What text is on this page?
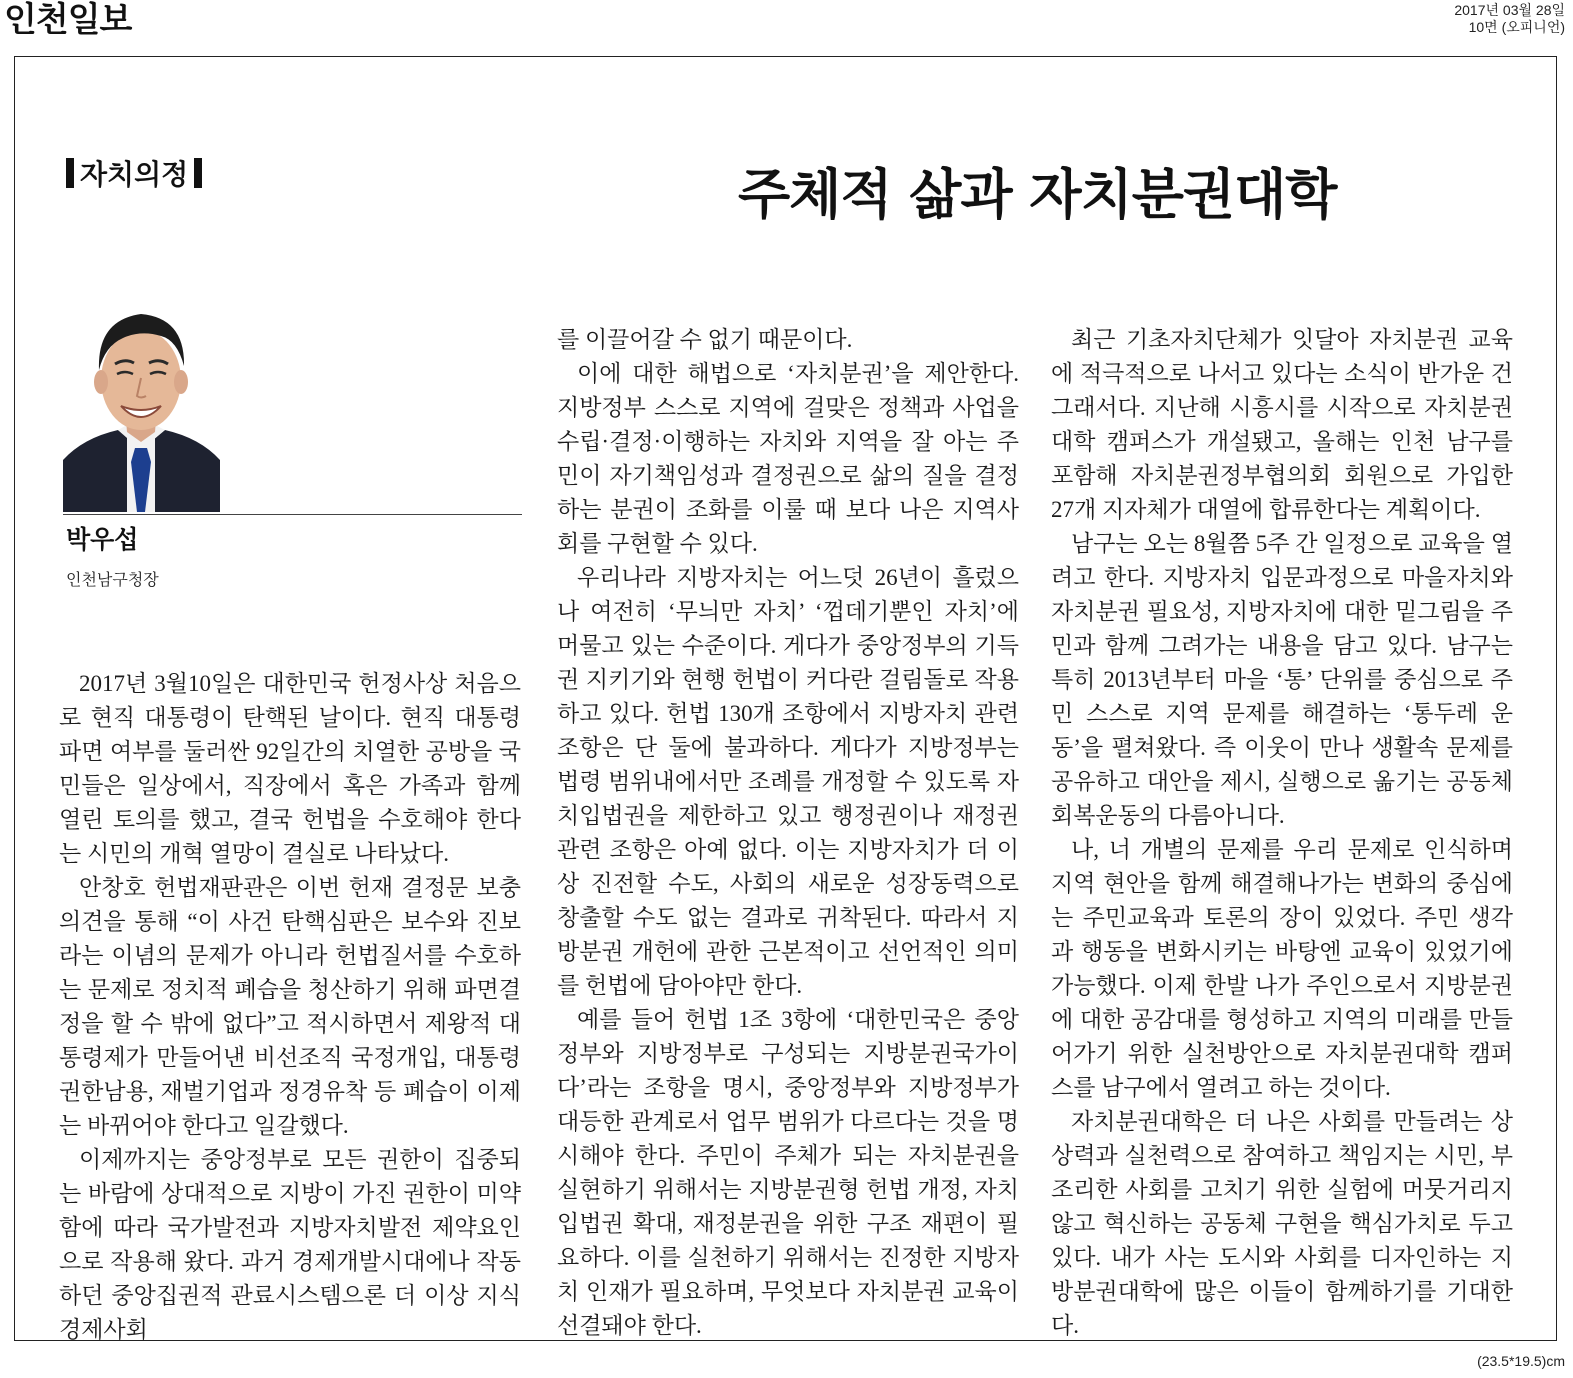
인천일보	2017년 03월 28일
10면 (오피니언)
자치의정	주체적 삶과 자치분권대학
박우섭
인천남구청장

2017년 3월10일은 대한민국 헌정사상 처음으로 현직 대통령이 탄핵된 날이다. 현직 대통령 파면 여부를 둘러싼 92일간의 치열한 공방을 국민들은 일상에서, 직장에서 혹은 가족과 함께 열린 토의를 했고, 결국 헌법을 수호해야 한다는 시민의 개혁 열망이 결실로 나타났다.

안창호 헌법재판관은 이번 헌재 결정문 보충의견을 통해 “이 사건 탄핵심판은 보수와 진보라는 이념의 문제가 아니라 헌법질서를 수호하는 문제로 정치적 폐습을 청산하기 위해 파면결정을 할 수 밖에 없다”고 적시하면서 제왕적 대통령제가 만들어낸 비선조직 국정개입, 대통령 권한남용, 재벌기업과 정경유착 등 폐습이 이제는 바뀌어야 한다고 일갈했다.

이제까지는 중앙정부로 모든 권한이 집중되는 바람에 상대적으로 지방이 가진 권한이 미약함에 따라 국가발전과 지방자치발전 제약요인으로 작용해 왔다. 과거 경제개발시대에나 작동하던 중앙집권적 관료시스템으론 더 이상 지식경제사회

를 이끌어갈 수 없기 때문이다.

이에 대한 해법으로 ‘자치분권’을 제안한다. 지방정부 스스로 지역에 걸맞은 정책과 사업을 수립·결정·이행하는 자치와 지역을 잘 아는 주민이 자기책임성과 결정권으로 삶의 질을 결정하는 분권이 조화를 이룰 때 보다 나은 지역사회를 구현할 수 있다.

우리나라 지방자치는 어느덧 26년이 흘렀으나 여전히 ‘무늬만 자치’ ‘껍데기뿐인 자치’에 머물고 있는 수준이다. 게다가 중앙정부의 기득권 지키기와 현행 헌법이 커다란 걸림돌로 작용하고 있다. 헌법 130개 조항에서 지방자치 관련 조항은 단 둘에 불과하다. 게다가 지방정부는 법령 범위내에서만 조례를 개정할 수 있도록 자치입법권을 제한하고 있고 행정권이나 재정권 관련 조항은 아예 없다. 이는 지방자치가 더 이상 진전할 수도, 사회의 새로운 성장동력으로 창출할 수도 없는 결과로 귀착된다. 따라서 지방분권 개헌에 관한 근본적이고 선언적인 의미를 헌법에 담아야만 한다.

예를 들어 헌법 1조 3항에 ‘대한민국은 중앙정부와 지방정부로 구성되는 지방분권국가이다’라는 조항을 명시, 중앙정부와 지방정부가 대등한 관계로서 업무 범위가 다르다는 것을 명시해야 한다. 주민이 주체가 되는 자치분권을 실현하기 위해서는 지방분권형 헌법 개정, 자치입법권 확대, 재정분권을 위한 구조 재편이 필요하다. 이를 실천하기 위해서는 진정한 지방자치 인재가 필요하며, 무엇보다 자치분권 교육이 선결돼야 한다.

최근 기초자치단체가 잇달아 자치분권 교육에 적극적으로 나서고 있다는 소식이 반가운 건 그래서다. 지난해 시흥시를 시작으로 자치분권대학 캠퍼스가 개설됐고, 올해는 인천 남구를 포함해 자치분권정부협의회 회원으로 가입한 27개 지자체가 대열에 합류한다는 계획이다.

남구는 오는 8월쯤 5주 간 일정으로 교육을 열려고 한다. 지방자치 입문과정으로 마을자치와 자치분권 필요성, 지방자치에 대한 밑그림을 주민과 함께 그려가는 내용을 담고 있다. 남구는 특히 2013년부터 마을 ‘통’ 단위를 중심으로 주민 스스로 지역 문제를 해결하는 ‘통두레 운동’을 펼쳐왔다. 즉 이웃이 만나 생활속 문제를 공유하고 대안을 제시, 실행으로 옮기는 공동체 회복운동의 다름아니다.

나, 너 개별의 문제를 우리 문제로 인식하며 지역 현안을 함께 해결해나가는 변화의 중심에는 주민교육과 토론의 장이 있었다. 주민 생각과 행동을 변화시키는 바탕엔 교육이 있었기에 가능했다. 이제 한발 나가 주인으로서 지방분권에 대한 공감대를 형성하고 지역의 미래를 만들어가기 위한 실천방안으로 자치분권대학 캠퍼스를 남구에서 열려고 하는 것이다.

자치분권대학은 더 나은 사회를 만들려는 상상력과 실천력으로 참여하고 책임지는 시민, 부조리한 사회를 고치기 위한 실험에 머뭇거리지 않고 혁신하는 공동체 구현을 핵심가치로 두고 있다. 내가 사는 도시와 사회를 디자인하는 지방분권대학에 많은 이들이 함께하기를 기대한다.

(23.5*19.5)cm
